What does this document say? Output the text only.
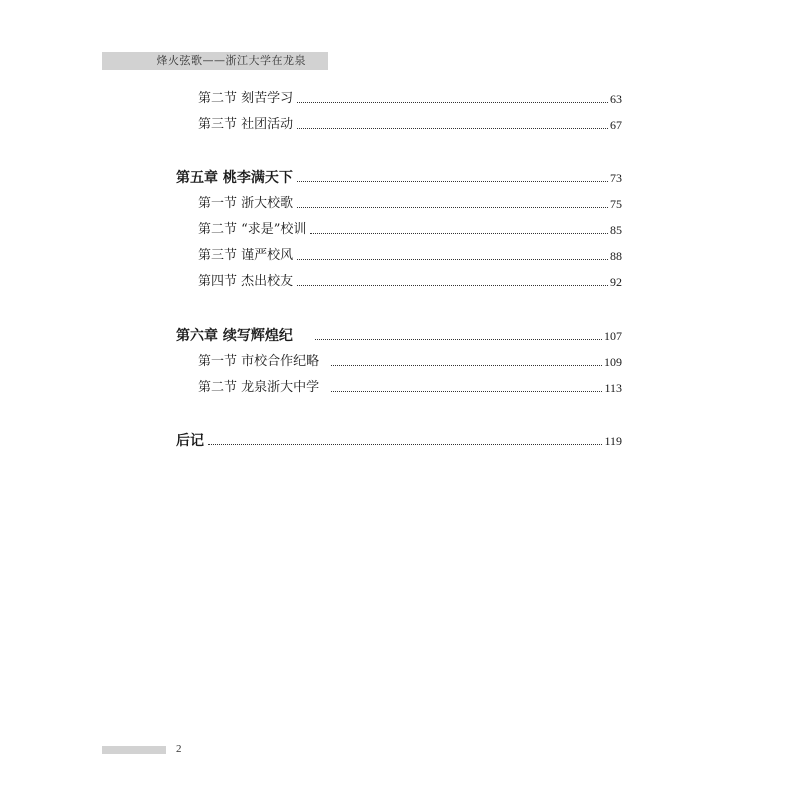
烽火弦歌——浙江大学在龙泉
第二节 刻苦学习	63
第三节 社团活动	67
第五章 桃李满天下	73
第一节 浙大校歌	75
第二节 “求是”校训	85
第三节 谨严校风	88
第四节 杰出校友	92
第六章 续写辉煌纪	107
第一节 市校合作纪略	109
第二节 龙泉浙大中学	113
后记	119
2
